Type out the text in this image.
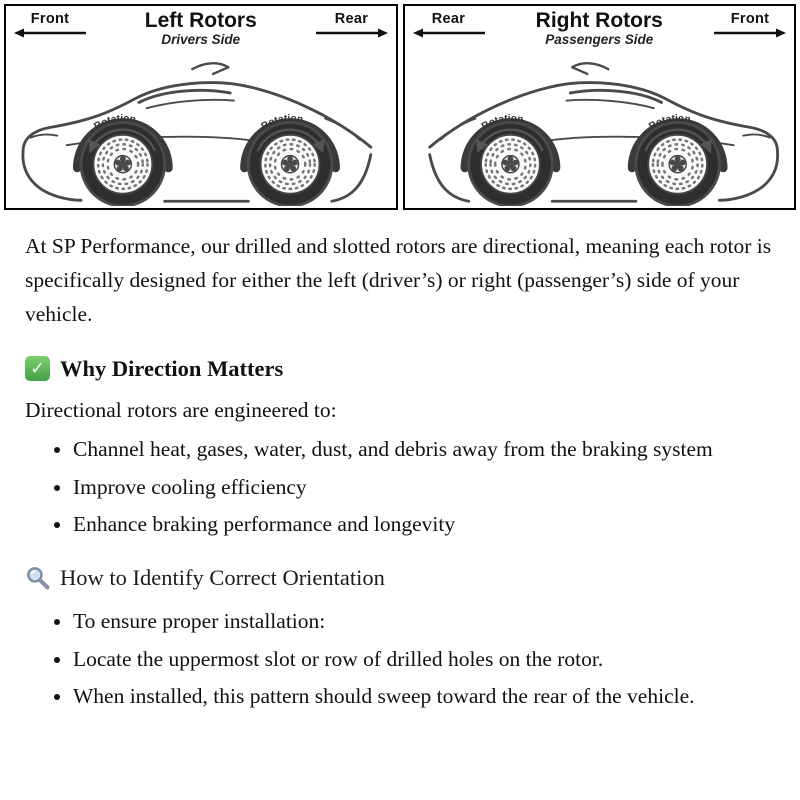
Front	Left Rotors
Drivers Side
Rear
Rotation	Rotation
Rear	Right Rotors
Passengers Side
Front
Rotation
Rotation

At SP Performance, our drilled and slotted rotors are directional, meaning each rotor is specifically designed for either the left (driver’s) or right (passenger’s) side of your vehicle.

✓ Why Direction Matters

Directional rotors are engineered to:

• Channel heat, gases, water, dust, and debris away from the braking system
• Improve cooling efficiency
• Enhance braking performance and longevity
How to Identify Correct Orientation
• To ensure proper installation:
• Locate the uppermost slot or row of drilled holes on the rotor.
• When installed, this pattern should sweep toward the rear of the vehicle.
